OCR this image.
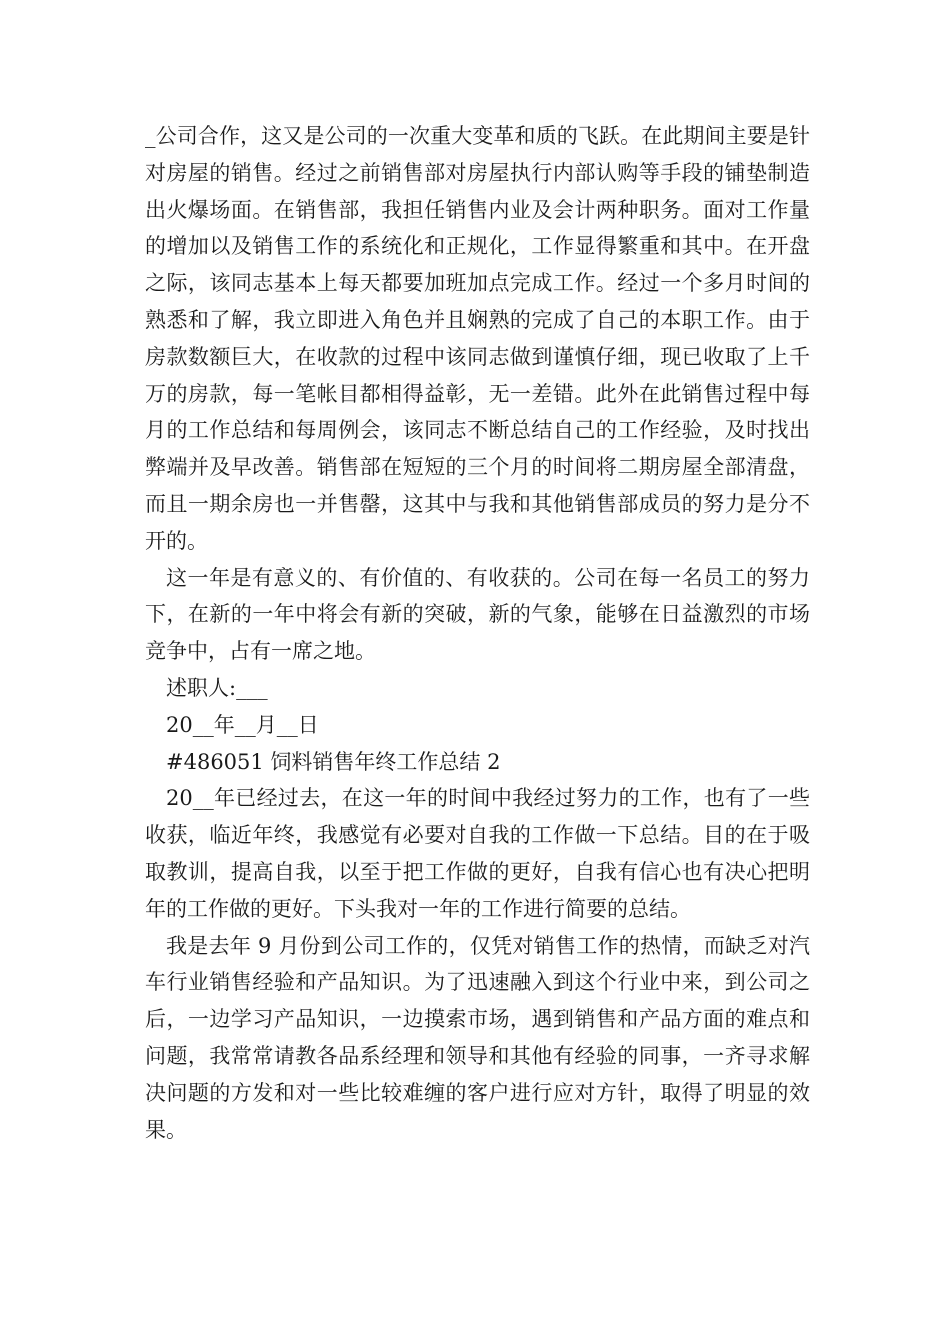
_公司合作，这又是公司的一次重大变革和质的飞跃。在此期间主要是针对房屋的销售。经过之前销售部对房屋执行内部认购等手段的铺垫制造出火爆场面。在销售部，我担任销售内业及会计两种职务。面对工作量的增加以及销售工作的系统化和正规化，工作显得繁重和其中。在开盘之际，该同志基本上每天都要加班加点完成工作。经过一个多月时间的熟悉和了解，我立即进入角色并且娴熟的完成了自己的本职工作。由于房款数额巨大，在收款的过程中该同志做到谨慎仔细，现已收取了上千万的房款，每一笔帐目都相得益彰，无一差错。此外在此销售过程中每月的工作总结和每周例会，该同志不断总结自己的工作经验，及时找出弊端并及早改善。销售部在短短的三个月的时间将二期房屋全部清盘，而且一期余房也一并售罄，这其中与我和其他销售部成员的努力是分不开的。

这一年是有意义的、有价值的、有收获的。公司在每一名员工的努力下，在新的一年中将会有新的突破，新的气象，能够在日益激烈的市场竞争中，占有一席之地。

述职人:___

20__年__月__日

#486051 饲料销售年终工作总结 2

20__年已经过去，在这一年的时间中我经过努力的工作，也有了一些收获，临近年终，我感觉有必要对自我的工作做一下总结。目的在于吸取教训，提高自我，以至于把工作做的更好，自我有信心也有决心把明年的工作做的更好。下头我对一年的工作进行简要的总结。

我是去年 9 月份到公司工作的，仅凭对销售工作的热情，而缺乏对汽车行业销售经验和产品知识。为了迅速融入到这个行业中来，到公司之后，一边学习产品知识，一边摸索市场，遇到销售和产品方面的难点和问题，我常常请教各品系经理和领导和其他有经验的同事，一齐寻求解决问题的方发和对一些比较难缠的客户进行应对方针，取得了明显的效果。
